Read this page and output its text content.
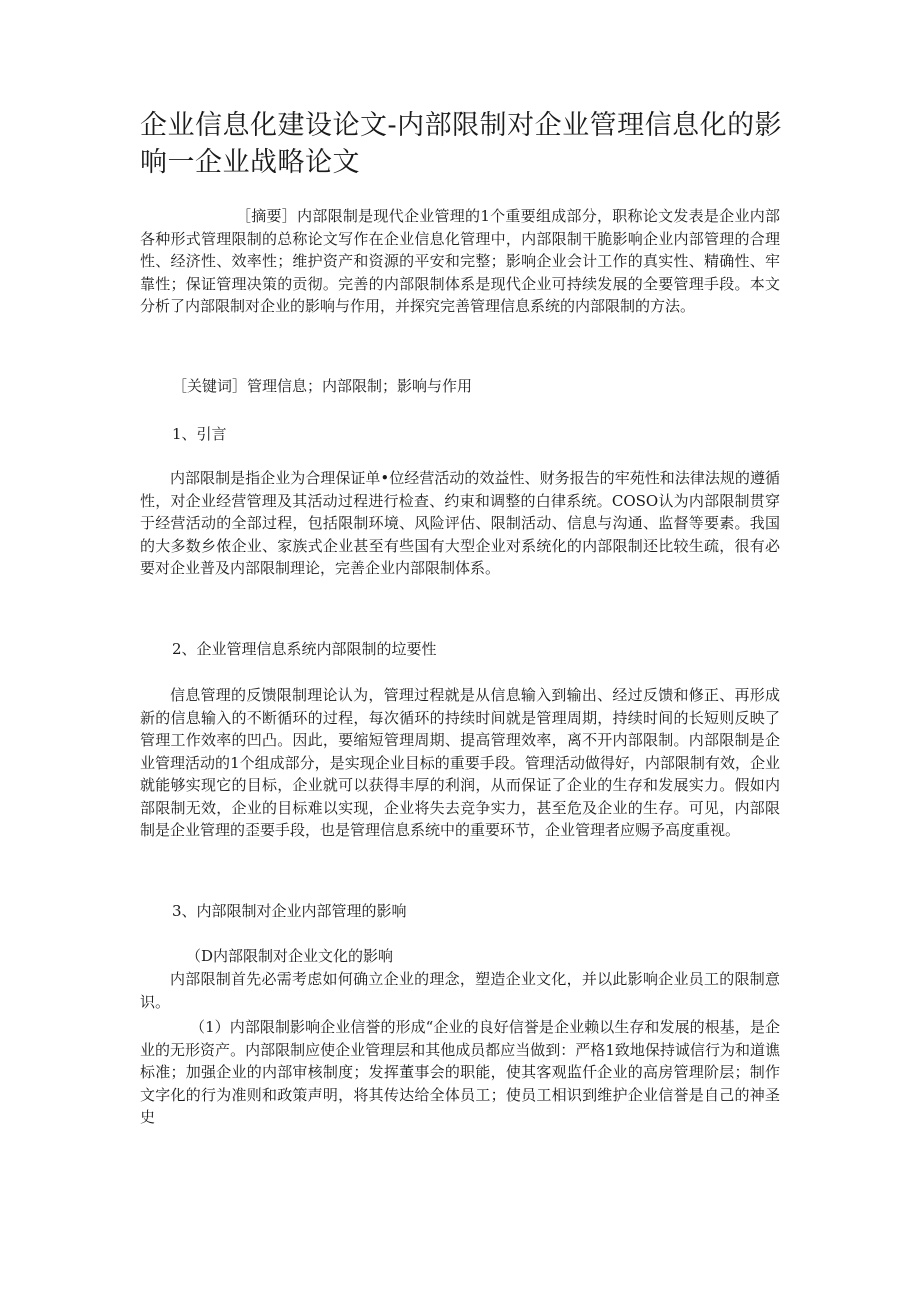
企业信息化建设论文-内部限制对企业管理信息化的影响一企业战略论文

［摘要］内部限制是现代企业管理的1个重要组成部分，职称论文发表是企业内部各种形式管理限制的总称论文写作在企业信息化管理中，内部限制干脆影响企业内部管理的合理性、经济性、效率性；维护资产和资源的平安和完整；影响企业会计工作的真实性、精确性、牢靠性；保证管理决策的贡彻。完善的内部限制体系是现代企业可持续发展的全要管理手段。本文分析了内部限制对企业的影响与作用，并探究完善管理信息系统的内部限制的方法。

［关键词］管理信息；内部限制；影响与作用

1、引言

内部限制是指企业为合理保证单•位经营活动的效益性、财务报告的牢苑性和法律法规的遵循性，对企业经营管理及其活动过程进行检查、约束和调整的白律系统。COSO认为内部限制贯穿于经营活动的全部过程，包括限制环境、风险评估、限制活动、信息与沟通、监督等要素。我国的大多数乡侬企业、家族式企业甚至有些国有大型企业对系统化的内部限制还比较生疏，很有必要对企业普及内部限制理论，完善企业内部限制体系。

2、企业管理信息系统内部限制的垃要性

信息管理的反馈限制理论认为，管理过程就是从信息输入到输出、经过反馈和修正、再形成新的信息输入的不断循环的过程，每次循环的持续时间就是管理周期，持续时间的长短则反映了管理工作效率的凹凸。因此，要缩短管理周期、提高管理效率，离不开内部限制。内部限制是企业管理活动的1个组成部分，是实现企业目标的重要手段。管理活动做得好，内部限制有效，企业就能够实现它的目标，企业就可以获得丰厚的利润，从而保证了企业的生存和发展实力。假如内部限制无效，企业的目标难以实现，企业将失去竞争实力，甚至危及企业的生存。可见，内部限制是企业管理的歪要手段，也是管理信息系统中的重要环节，企业管理者应赐予高度重视。

3、内部限制对企业内部管理的影响

（D内部限制对企业文化的影响

内部限制首先必需考虑如何确立企业的理念，塑造企业文化，并以此影响企业员工的限制意识。

（1）内部限制影响企业信誉的形成“企业的良好信誉是企业赖以生存和发展的根基，是企业的无形资产。内部限制应使企业管理层和其他成员都应当做到：严格1致地保持诚信行为和道谯标准；加强企业的内部审核制度；发挥董事会的职能，使其客观监仟企业的高房管理阶层；制作文字化的行为准则和政策声明，将其传达给全体员工；使员工相识到维护企业信誉是自己的神圣史
